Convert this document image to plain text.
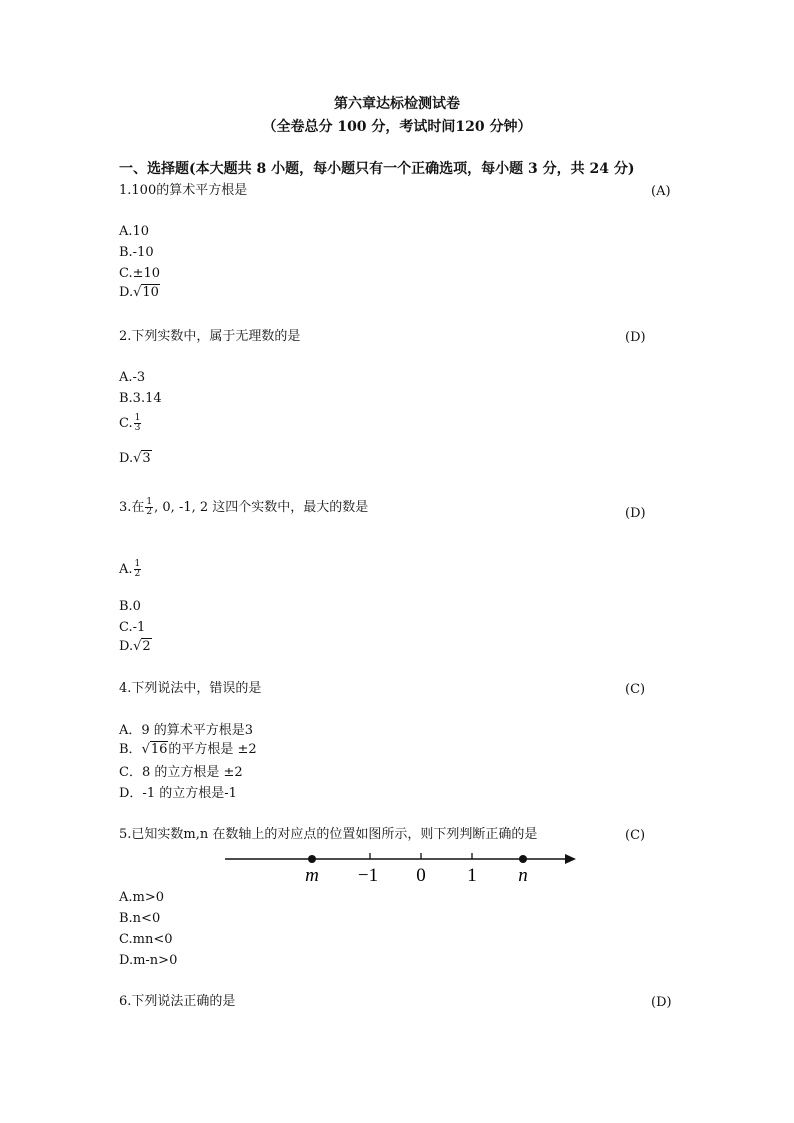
第六章达标检测试卷
（全卷总分 100 分，考试时间120 分钟）
一、选择题(本大题共 8 小题，每小题只有一个正确选项，每小题 3 分，共 24 分)
1.100的算术平方根是	(A)
A.10
B.-10
C.±10
D.√10
2.下列实数中，属于无理数的是	(D)
A.-3
B.3.14
C. $\frac{1}{3}$
D.√3
3.在 $\frac{1}{2}$ , 0, -1, 2 这四个实数中，最大的数是	(D)
A. $\frac{1}{2}$
B.0
C.-1
D.√2
4.下列说法中，错误的是	(C)
A．9 的算术平方根是3
B．√16的平方根是 ±2
C．8 的立方根是 ±2
D．-1 的立方根是-1
5.已知实数m,n 在数轴上的对应点的位置如图所示，则下列判断正确的是	(C)
m −1 0 1 n
A.m>0
B.n<0
C.mn<0
D.m-n>0
6.下列说法正确的是	(D)
